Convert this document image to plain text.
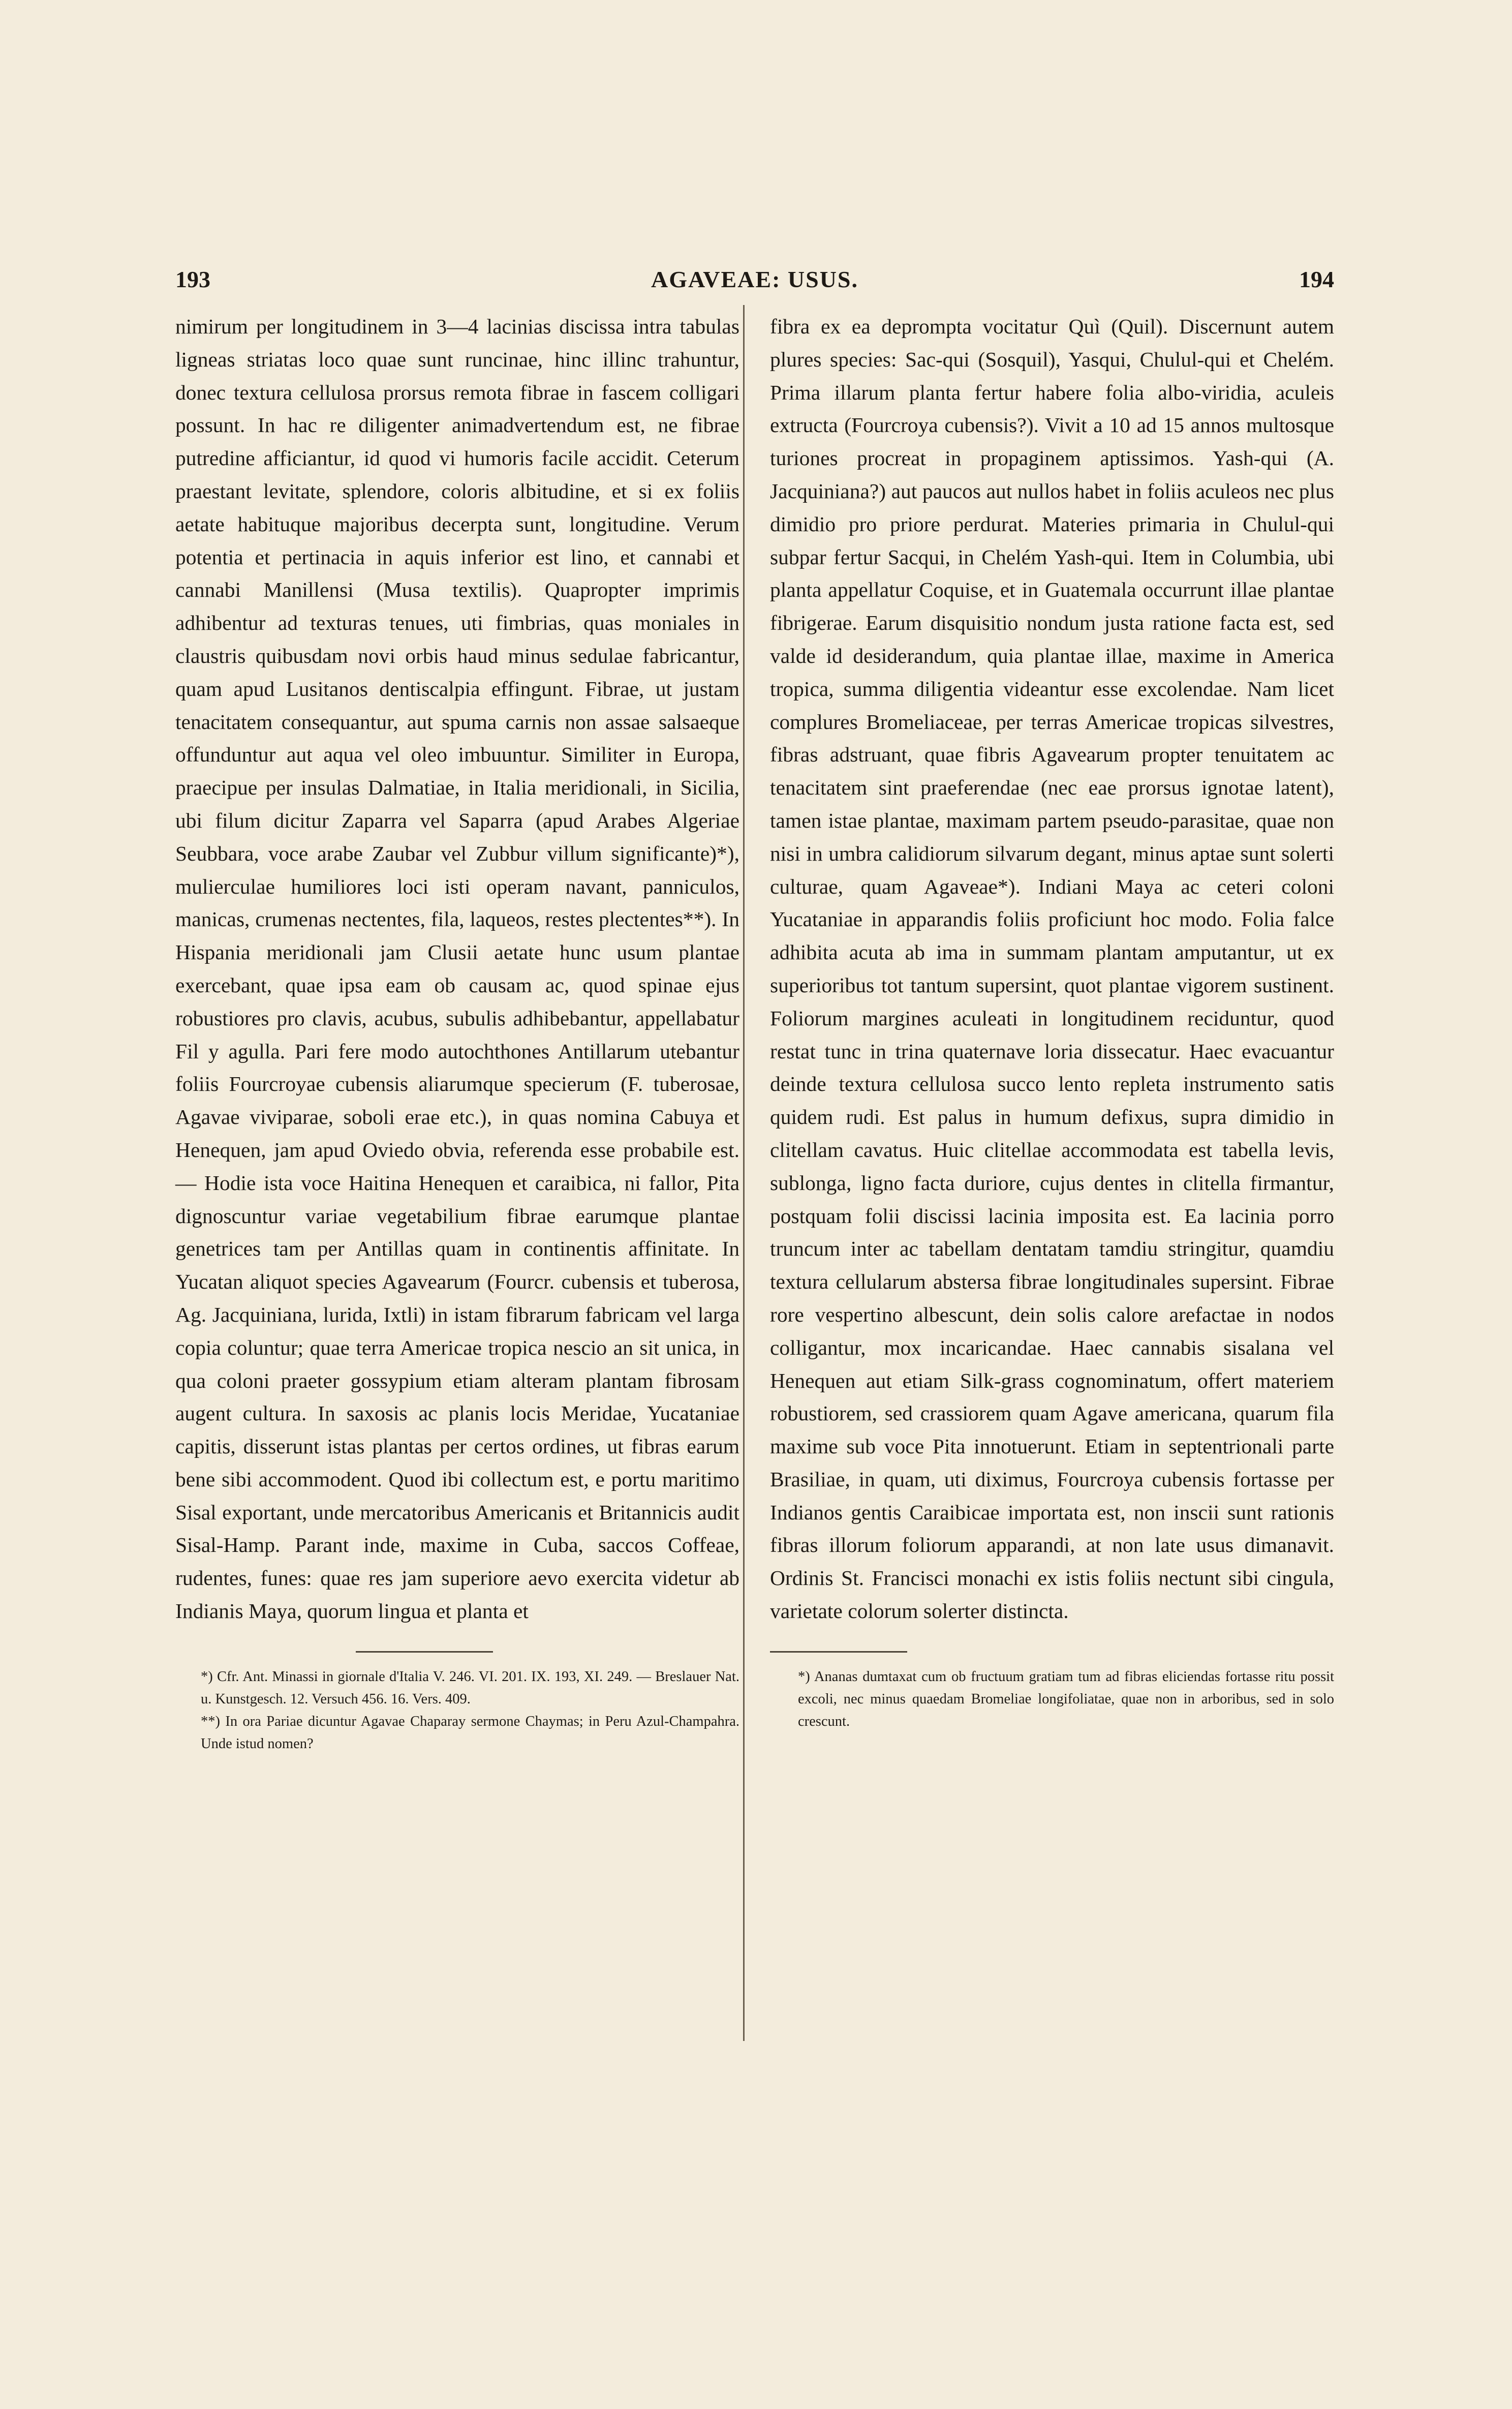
193	AGAVEAE: USUS.	194

nimirum per longitudinem in 3—4 lacinias discissa intra tabulas ligneas striatas loco quae sunt runcinae, hinc illinc trahuntur, donec textura cellulosa prorsus remota fibrae in fascem colligari possunt. In hac re diligenter animadvertendum est, ne fibrae putredine afficiantur, id quod vi humoris facile accidit. Ceterum praestant levitate, splendore, coloris albitudine, et si ex foliis aetate habituque majoribus decerpta sunt, longitudine. Verum potentia et pertinacia in aquis inferior est lino, et cannabi et cannabi Manillensi (Musa textilis). Quapropter imprimis adhibentur ad texturas tenues, uti fimbrias, quas moniales in claustris quibusdam novi orbis haud minus sedulae fabricantur, quam apud Lusitanos dentiscalpia effingunt. Fibrae, ut justam tenacitatem consequantur, aut spuma carnis non assae salsaeque offunduntur aut aqua vel oleo imbuuntur. Similiter in Europa, praecipue per insulas Dalmatiae, in Italia meridionali, in Sicilia, ubi filum dicitur Zaparra vel Saparra (apud Arabes Algeriae Seubbara, voce arabe Zaubar vel Zubbur villum significante)*), mulierculae humiliores loci isti operam navant, panniculos, manicas, crumenas nectentes, fila, laqueos, restes plectentes**). In Hispania meridionali jam Clusii aetate hunc usum plantae exercebant, quae ipsa eam ob causam ac, quod spinae ejus robustiores pro clavis, acubus, subulis adhibebantur, appellabatur Fil y agulla. Pari fere modo autochthones Antillarum utebantur foliis Fourcroyae cubensis aliarumque specierum (F. tuberosae, Agavae viviparae, soboli erae etc.), in quas nomina Cabuya et Henequen, jam apud Oviedo obvia, referenda esse probabile est. — Hodie ista voce Haitina Henequen et caraibica, ni fallor, Pita dignoscuntur variae vegetabilium fibrae earumque plantae genetrices tam per Antillas quam in continentis affinitate. In Yucatan aliquot species Agavearum (Fourcr. cubensis et tuberosa, Ag. Jacquiniana, lurida, Ixtli) in istam fibrarum fabricam vel larga copia coluntur; quae terra Americae tropica nescio an sit unica, in qua coloni praeter gossypium etiam alteram plantam fibrosam augent cultura. In saxosis ac planis locis Meridae, Yucataniae capitis, disserunt istas plantas per certos ordines, ut fibras earum bene sibi accommodent. Quod ibi collectum est, e portu maritimo Sisal exportant, unde mercatoribus Americanis et Britannicis audit Sisal-Hamp. Parant inde, maxime in Cuba, saccos Coffeae, rudentes, funes: quae res jam superiore aevo exercita videtur ab Indianis Maya, quorum lingua et planta et

*) Cfr. Ant. Minassi in giornale d'Italia V. 246. VI. 201. IX. 193, XI. 249. — Breslauer Nat. u. Kunstgesch. 12. Versuch 456. 16. Vers. 409.

**) In ora Pariae dicuntur Agavae Chaparay sermone Chaymas; in Peru Azul-Champahra. Unde istud nomen?

fibra ex ea deprompta vocitatur Quì (Quil). Discernunt autem plures species: Sac-qui (Sosquil), Yasqui, Chulul-qui et Chelém. Prima illarum planta fertur habere folia albo-viridia, aculeis extructa (Fourcroya cubensis?). Vivit a 10 ad 15 annos multosque turiones procreat in propaginem aptissimos. Yash-qui (A. Jacquiniana?) aut paucos aut nullos habet in foliis aculeos nec plus dimidio pro priore perdurat. Materies primaria in Chulul-qui subpar fertur Sacqui, in Chelém Yash-qui. Item in Columbia, ubi planta appellatur Coquise, et in Guatemala occurrunt illae plantae fibrigerae. Earum disquisitio nondum justa ratione facta est, sed valde id desiderandum, quia plantae illae, maxime in America tropica, summa diligentia videantur esse excolendae. Nam licet complures Bromeliaceae, per terras Americae tropicas silvestres, fibras adstruant, quae fibris Agavearum propter tenuitatem ac tenacitatem sint praeferendae (nec eae prorsus ignotae latent), tamen istae plantae, maximam partem pseudo-parasitae, quae non nisi in umbra calidiorum silvarum degant, minus aptae sunt solerti culturae, quam Agaveae*). Indiani Maya ac ceteri coloni Yucataniae in apparandis foliis proficiunt hoc modo. Folia falce adhibita acuta ab ima in summam plantam amputantur, ut ex superioribus tot tantum supersint, quot plantae vigorem sustinent. Foliorum margines aculeati in longitudinem reciduntur, quod restat tunc in trina quaternave loria dissecatur. Haec evacuantur deinde textura cellulosa succo lento repleta instrumento satis quidem rudi. Est palus in humum defixus, supra dimidio in clitellam cavatus. Huic clitellae accommodata est tabella levis, sublonga, ligno facta duriore, cujus dentes in clitella firmantur, postquam folii discissi lacinia imposita est. Ea lacinia porro truncum inter ac tabellam dentatam tamdiu stringitur, quamdiu textura cellularum abstersa fibrae longitudinales supersint. Fibrae rore vespertino albescunt, dein solis calore arefactae in nodos colligantur, mox incaricandae. Haec cannabis sisalana vel Henequen aut etiam Silk-grass cognominatum, offert materiem robustiorem, sed crassiorem quam Agave americana, quarum fila maxime sub voce Pita innotuerunt. Etiam in septentrionali parte Brasiliae, in quam, uti diximus, Fourcroya cubensis fortasse per Indianos gentis Caraibicae importata est, non inscii sunt rationis fibras illorum foliorum apparandi, at non late usus dimanavit. Ordinis St. Francisci monachi ex istis foliis nectunt sibi cingula, varietate colorum solerter distincta.

*) Ananas dumtaxat cum ob fructuum gratiam tum ad fibras eliciendas fortasse ritu possit excoli, nec minus quaedam Bromeliae longifoliatae, quae non in arboribus, sed in solo crescunt.
